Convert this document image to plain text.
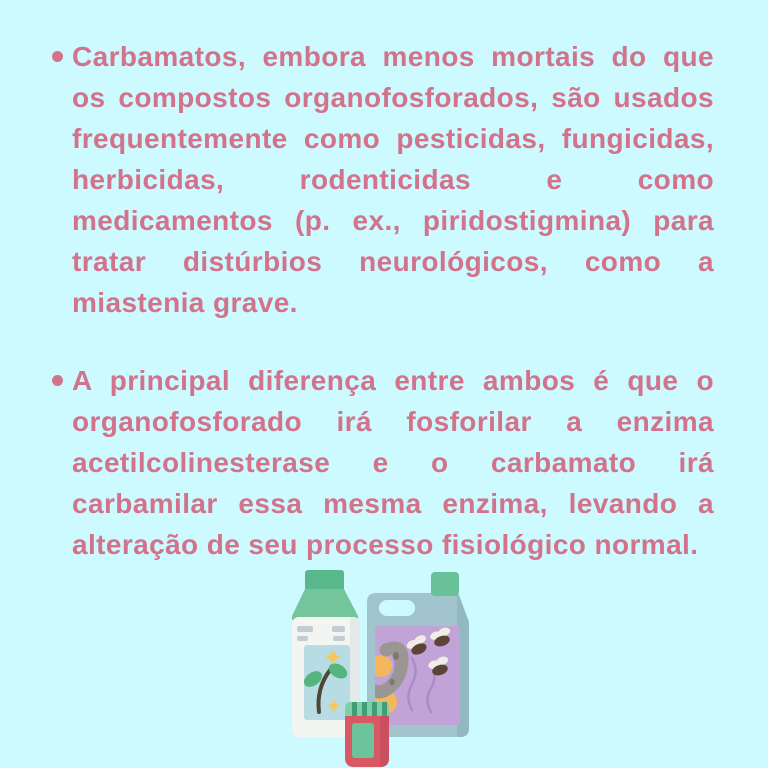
Carbamatos, embora menos mortais do que os compostos organofosforados, são usados frequentemente como pesticidas, fungicidas, herbicidas, rodenticidas e como medicamentos (p. ex., piridostigmina) para tratar distúrbios neurológicos, como a miastenia grave.
A principal diferença entre ambos é que o organofosforado irá fosforilar a enzima acetilcolinesterase e o carbamato irá carbamilar essa mesma enzima, levando a alteração de seu processo fisiológico normal.
